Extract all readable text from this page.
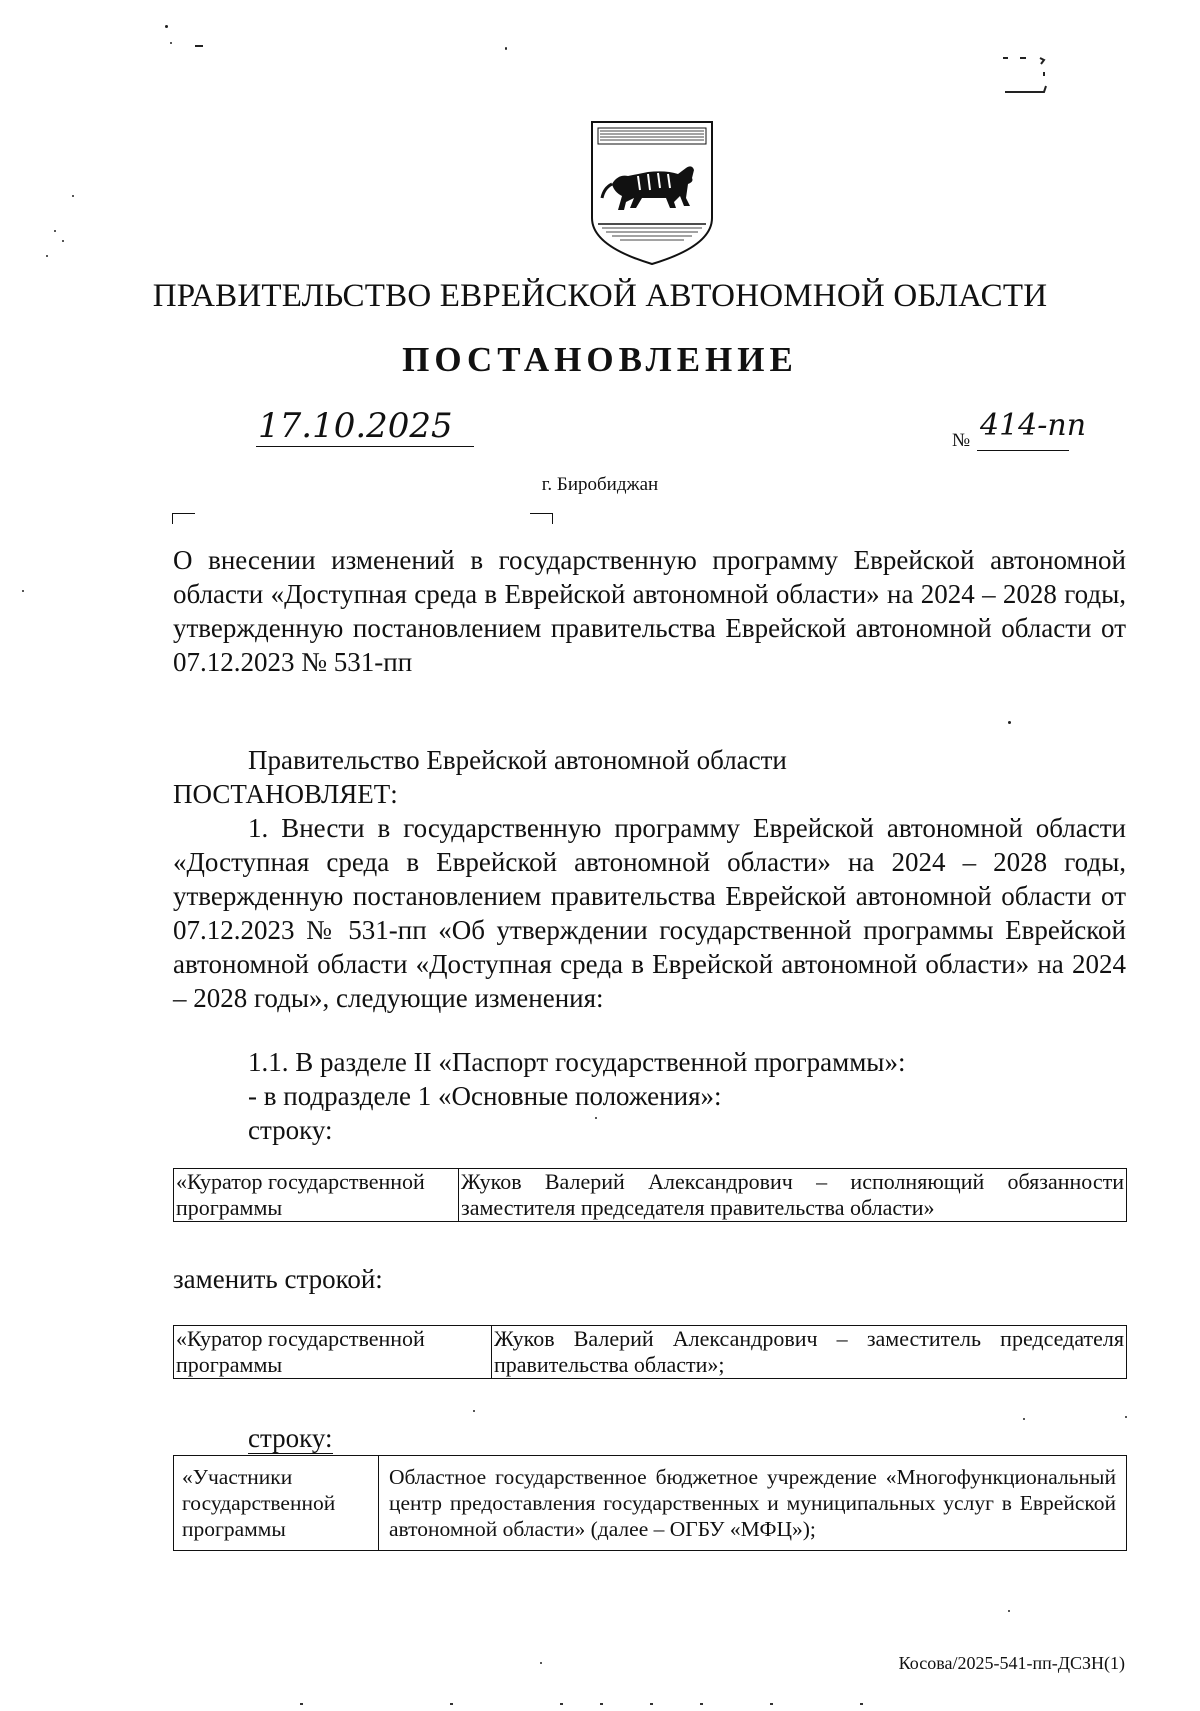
ПРАВИТЕЛЬСТВО ЕВРЕЙСКОЙ АВТОНОМНОЙ ОБЛАСТИ
ПОСТАНОВЛЕНИЕ
17.10.2025	№ 414-пп
г. Биробиджан
О внесении изменений в государственную программу Еврейской автономной области «Доступная среда в Еврейской автономной области» на 2024 – 2028 годы, утвержденную постановлением правительства Еврейской автономной области от 07.12.2023 № 531-пп
Правительство Еврейской автономной области
ПОСТАНОВЛЯЕТ:
1. Внести в государственную программу Еврейской автономной области «Доступная среда в Еврейской автономной области» на 2024 – 2028 годы, утвержденную постановлением правительства Еврейской автономной области от 07.12.2023 № 531-пп «Об утверждении государственной программы Еврейской автономной области «Доступная среда в Еврейской автономной области» на 2024 – 2028 годы», следующие изменения:
1.1. В разделе II «Паспорт государственной программы»:
- в подразделе 1 «Основные положения»:
строку:
«Куратор государственной программы	Жуков Валерий Александрович – исполняющий обязанности заместителя председателя правительства области»
заменить строкой:
«Куратор государственной программы	Жуков Валерий Александрович – заместитель председателя правительства области»;
строку:
«Участники государственной программы	Областное государственное бюджетное учреждение «Многофункциональный центр предоставления государственных и муниципальных услуг в Еврейской автономной области» (далее – ОГБУ «МФЦ»);
Косова/2025-541-пп-ДСЗН(1)
